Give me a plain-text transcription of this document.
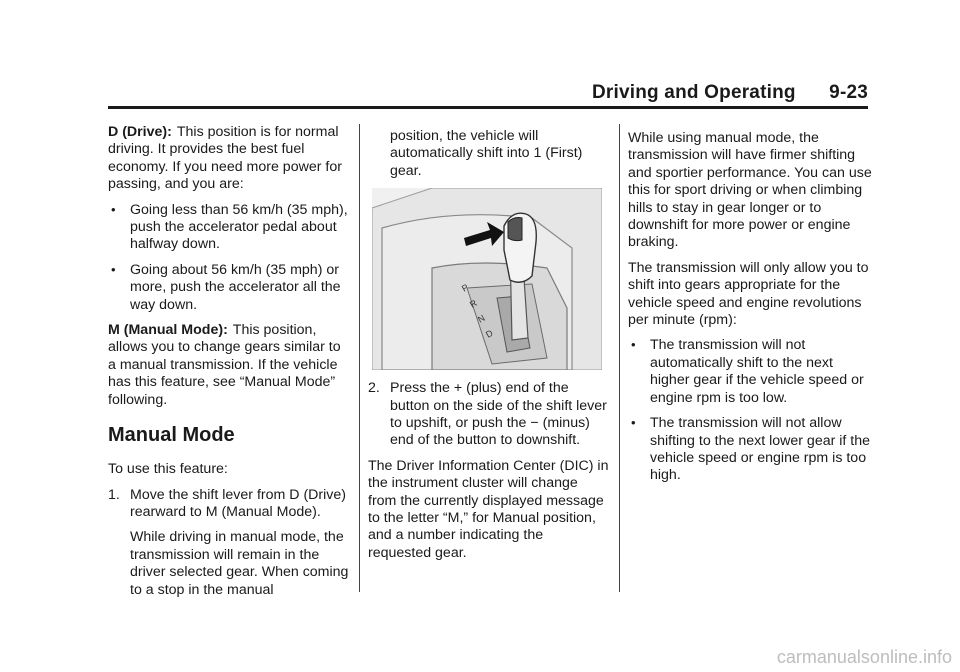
Driving and Operating 9-23

D (Drive): This position is for normal driving. It provides the best fuel economy. If you need more power for passing, and you are:

• Going less than 56 km/h (35 mph), push the accelerator pedal about halfway down.
• Going about 56 km/h (35 mph) or more, push the accelerator all the way down.

M (Manual Mode): This position, allows you to change gears similar to a manual transmission. If the vehicle has this feature, see “Manual Mode” following.

Manual Mode

To use this feature:

1. Move the shift lever from D (Drive) rearward to M (Manual Mode).

While driving in manual mode, the transmission will remain in the driver selected gear. When coming to a stop in the manual

position, the vehicle will automatically shift into 1 (First) gear.

P
R
N
D
2. Press the + (plus) end of the button on the side of the shift lever to upshift, or push the − (minus) end of the button to downshift.

The Driver Information Center (DIC) in the instrument cluster will change from the currently displayed message to the letter “M,” for Manual position, and a number indicating the requested gear.

While using manual mode, the transmission will have firmer shifting and sportier performance. You can use this for sport driving or when climbing hills to stay in gear longer or to downshift for more power or engine braking.

The transmission will only allow you to shift into gears appropriate for the vehicle speed and engine revolutions per minute (rpm):

• The transmission will not automatically shift to the next higher gear if the vehicle speed or engine rpm is too low.
• The transmission will not allow shifting to the next lower gear if the vehicle speed or engine rpm is too high.
carmanualsonline.info
